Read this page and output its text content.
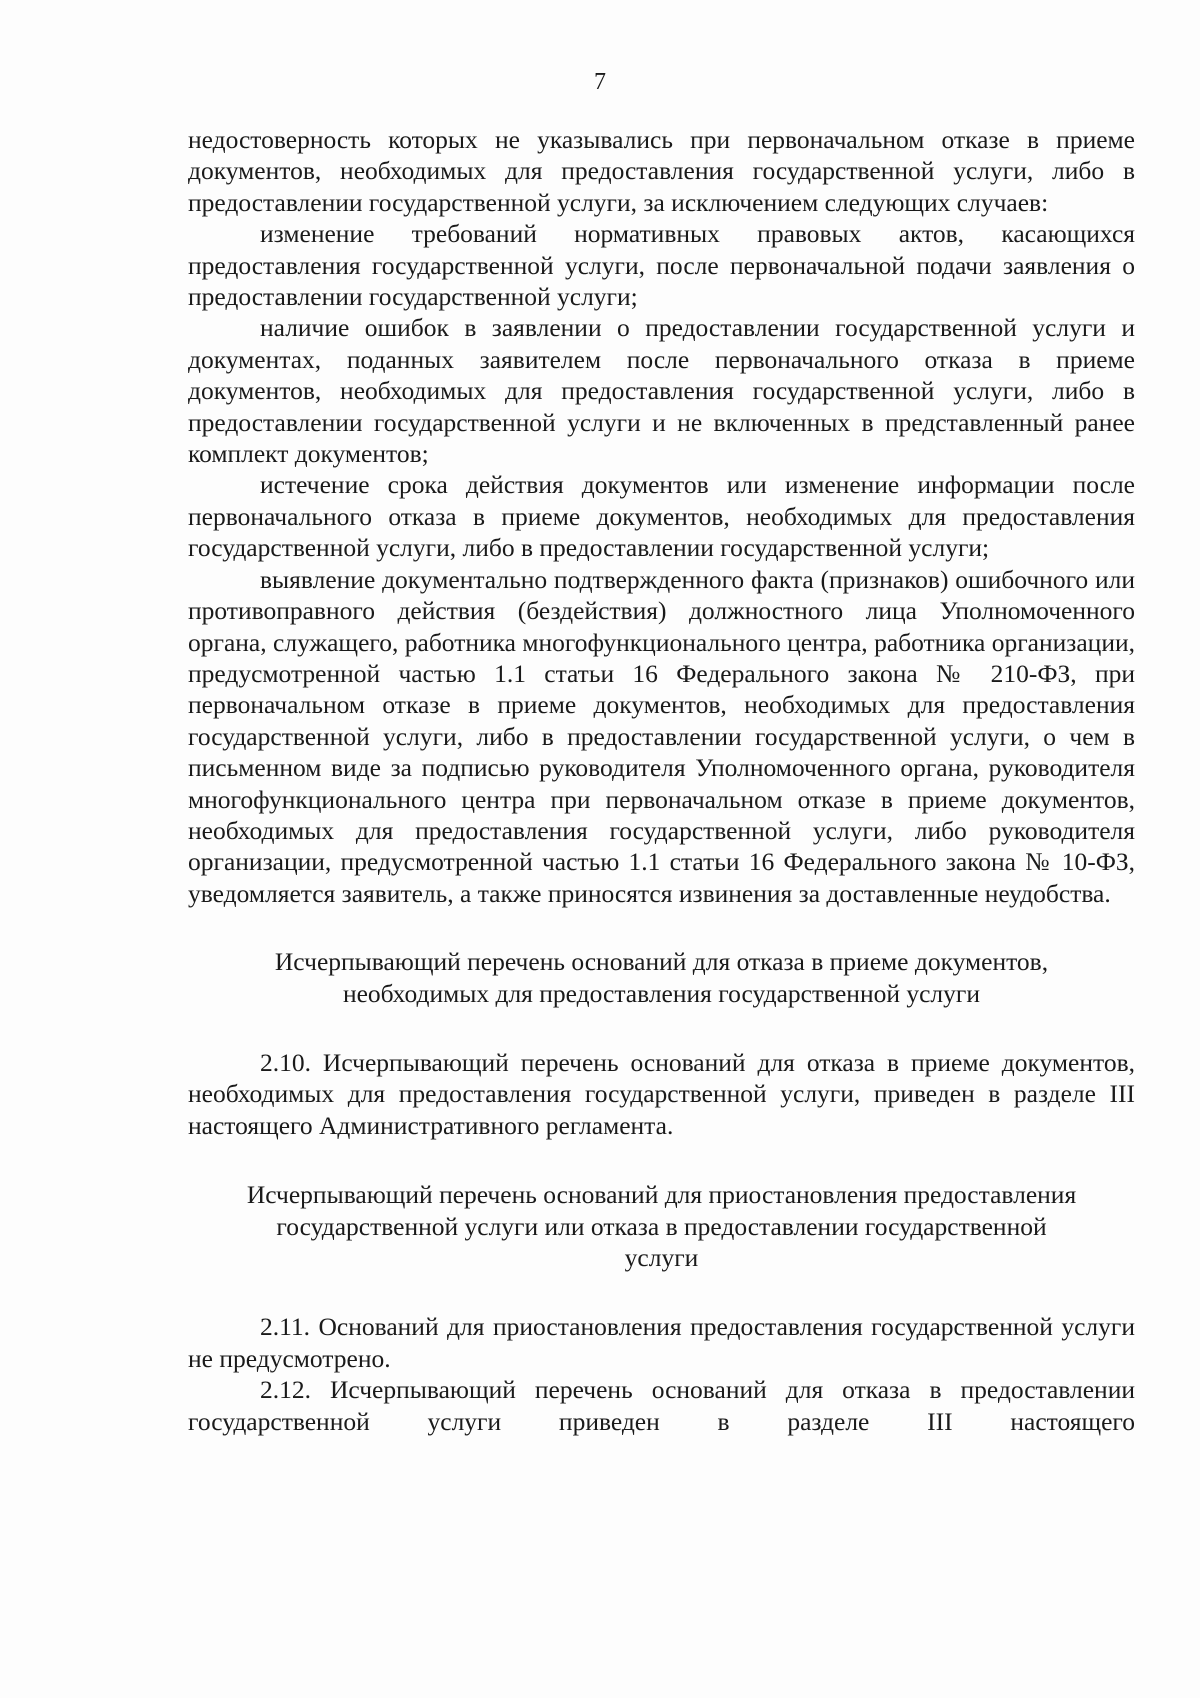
7

недостоверность которых не указывались при первоначальном отказе в приеме документов, необходимых для предоставления государственной услуги, либо в предоставлении государственной услуги, за исключением следующих случаев:

изменение требований нормативных правовых актов, касающихся предоставления государственной услуги, после первоначальной подачи заявления о предоставлении государственной услуги;

наличие ошибок в заявлении о предоставлении государственной услуги и документах, поданных заявителем после первоначального отказа в приеме документов, необходимых для предоставления государственной услуги, либо в предоставлении государственной услуги и не включенных в представленный ранее комплект документов;

истечение срока действия документов или изменение информации после первоначального отказа в приеме документов, необходимых для предоставления государственной услуги, либо в предоставлении государственной услуги;

выявление документально подтвержденного факта (признаков) ошибочного или противоправного действия (бездействия) должностного лица Уполномоченного органа, служащего, работника многофункционального центра, работника организации, предусмотренной частью 1.1 статьи 16 Федерального закона № 210-ФЗ, при первоначальном отказе в приеме документов, необходимых для предоставления государственной услуги, либо в предоставлении государственной услуги, о чем в письменном виде за подписью руководителя Уполномоченного органа, руководителя многофункционального центра при первоначальном отказе в приеме документов, необходимых для предоставления государственной услуги, либо руководителя организации, предусмотренной частью 1.1 статьи 16 Федерального закона № 10-ФЗ, уведомляется заявитель, а также приносятся извинения за доставленные неудобства.

Исчерпывающий перечень оснований для отказа в приеме документов,
необходимых для предоставления государственной услуги

2.10. Исчерпывающий перечень оснований для отказа в приеме документов, необходимых для предоставления государственной услуги, приведен в разделе III настоящего Административного регламента.

Исчерпывающий перечень оснований для приостановления предоставления
государственной услуги или отказа в предоставлении государственной
услуги

2.11. Оснований для приостановления предоставления государственной услуги не предусмотрено.

2.12. Исчерпывающий перечень оснований для отказа в предоставлении государственной услуги приведен в разделе III настоящего
